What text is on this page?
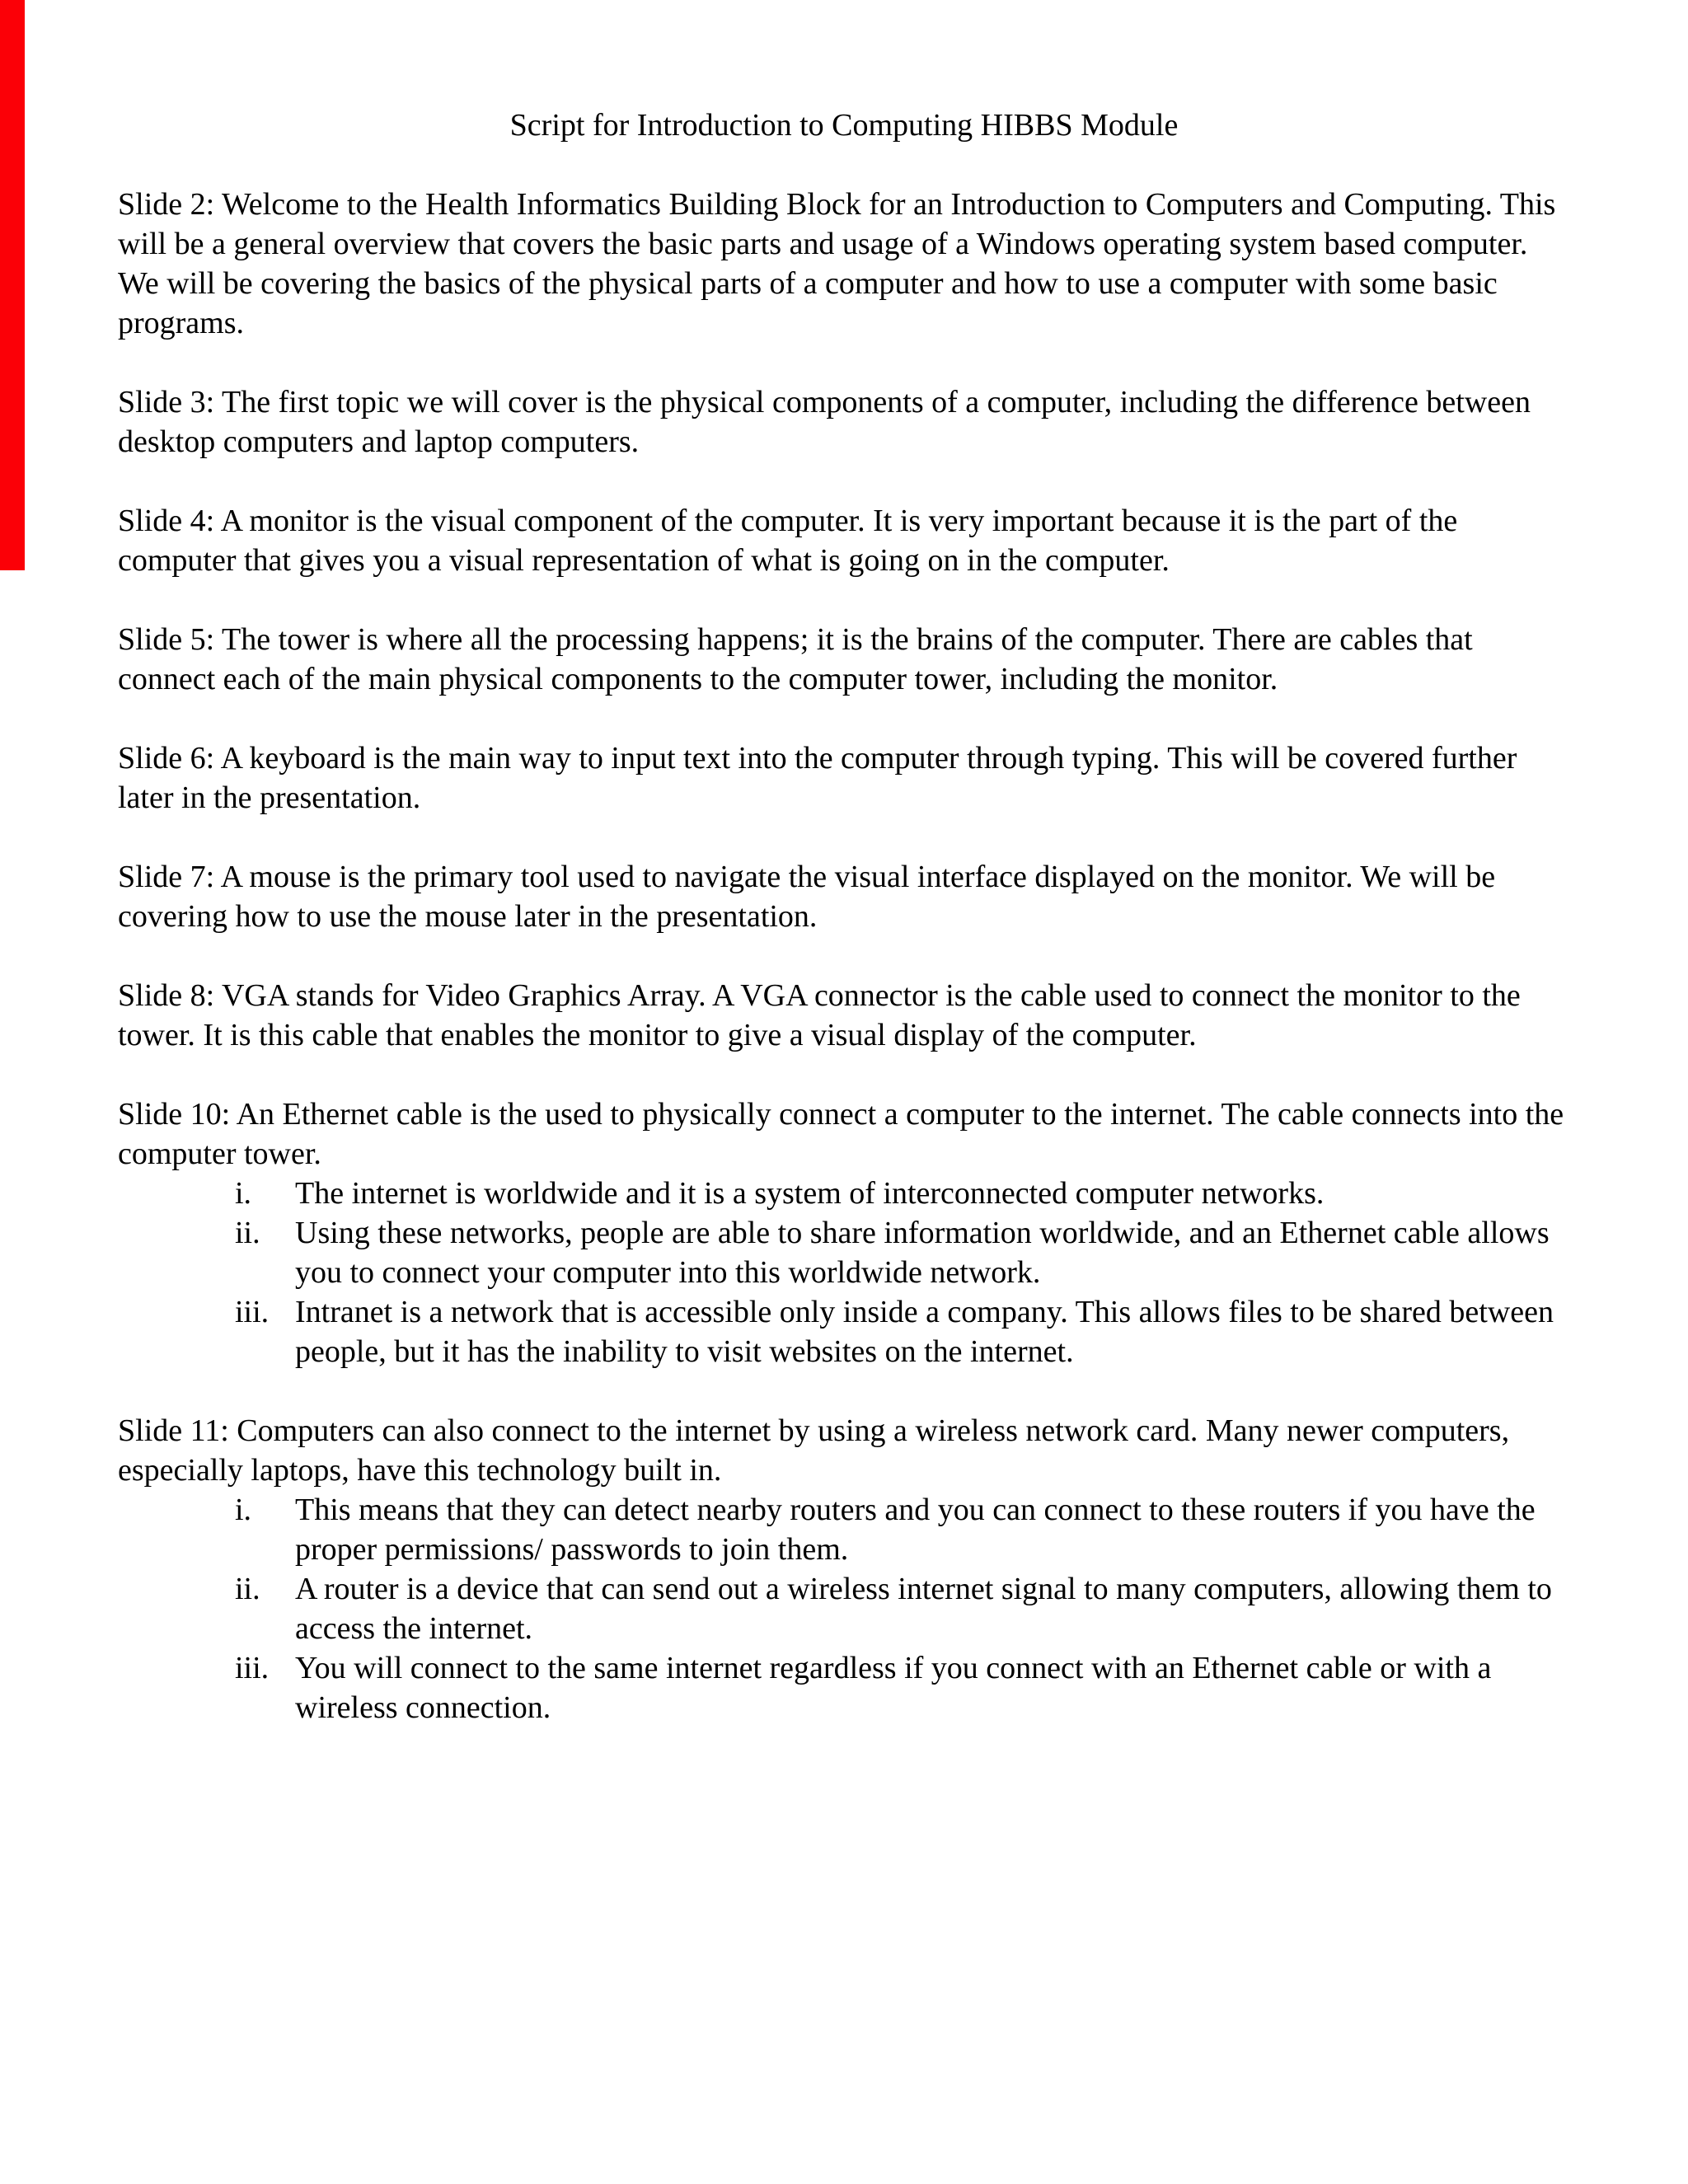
Script for Introduction to Computing HIBBS Module

Slide 2: Welcome to the Health Informatics Building Block for an Introduction to Computers and Computing. This will be a general overview that covers the basic parts and usage of a Windows operating system based computer. We will be covering the basics of the physical parts of a computer and how to use a computer with some basic programs.

Slide 3: The first topic we will cover is the physical components of a computer, including the difference between desktop computers and laptop computers.

Slide 4: A monitor is the visual component of the computer. It is very important because it is the part of the computer that gives you a visual representation of what is going on in the computer.

Slide 5: The tower is where all the processing happens; it is the brains of the computer. There are cables that connect each of the main physical components to the computer tower, including the monitor.

Slide 6: A keyboard is the main way to input text into the computer through typing. This will be covered further later in the presentation.

Slide 7: A mouse is the primary tool used to navigate the visual interface displayed on the monitor. We will be covering how to use the mouse later in the presentation.

Slide 8: VGA stands for Video Graphics Array. A VGA connector is the cable used to connect the monitor to the tower. It is this cable that enables the monitor to give a visual display of the computer.

Slide 10: An Ethernet cable is the used to physically connect a computer to the internet. The cable connects into the computer tower.

i.	The internet is worldwide and it is a system of interconnected computer networks.
ii.	Using these networks, people are able to share information worldwide, and an Ethernet cable allows you to connect your computer into this worldwide network.
iii. Intranet is a network that is accessible only inside a company. This allows files to be shared between people, but it has the inability to visit websites on the internet.

Slide 11: Computers can also connect to the internet by using a wireless network card. Many newer computers, especially laptops, have this technology built in.

i.	This means that they can detect nearby routers and you can connect to these routers if you have the proper permissions/ passwords to join them.
ii.	A router is a device that can send out a wireless internet signal to many computers, allowing them to access the internet.
iii. You will connect to the same internet regardless if you connect with an Ethernet cable or with a wireless connection.
